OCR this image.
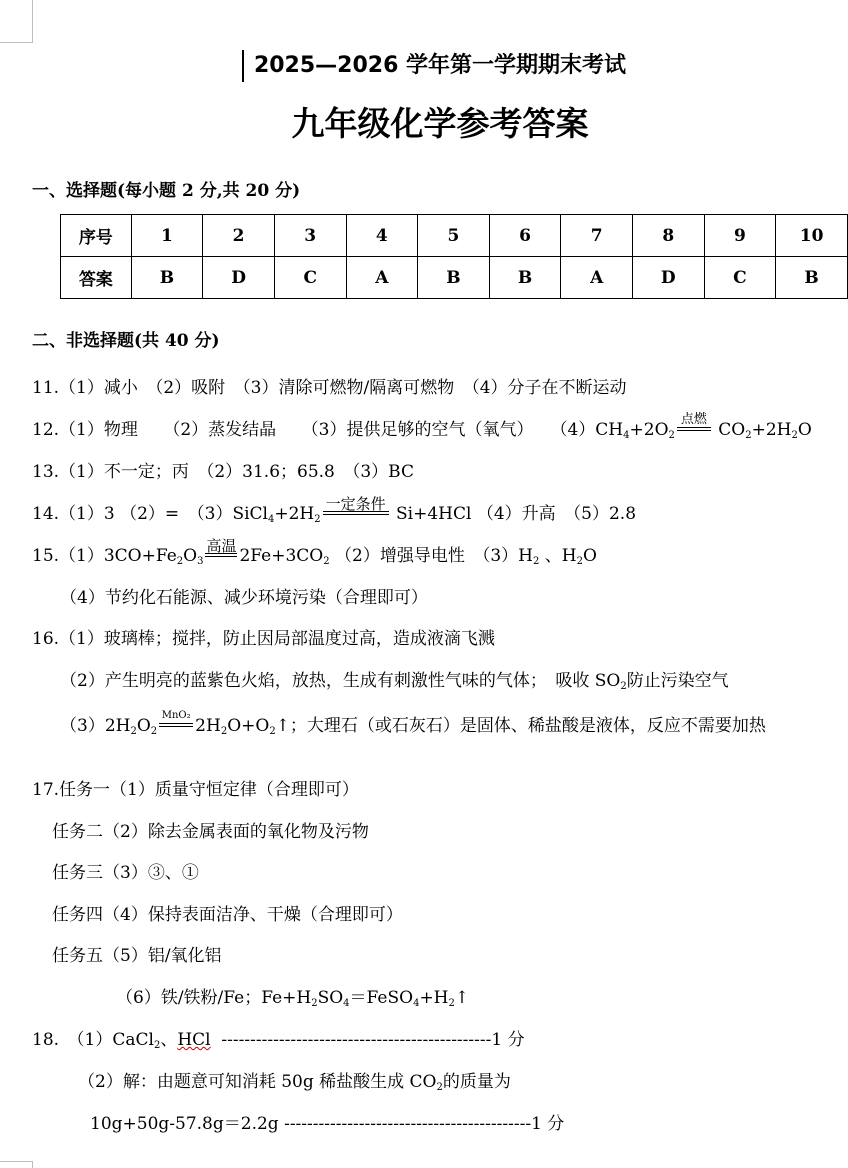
2025—2026 学年第一学期期末考试
九年级化学参考答案
一、选择题(每小题 2 分,共 20 分)
序号	1	2	3	4	5	6	7	8	9	10
答案	B	D	C	A	B	B	A	D	C	B
二、非选择题(共 40 分)
11.（1）减小　（2）吸附　（3）清除可燃物/隔离可燃物　（4）分子在不断运动
12.（1）物理　　（2）蒸发结晶　　（3）提供足够的空气（氧气）　　$(4)CH_4+2O_2$
点燃
$CO_2+2H_2O$
13.（1）不一定；丙　（2）31.6；65.8　（3）BC
14.（1）3 （2）=　$(3)SiCl_4+2H_2$
一定条件 Si+4HCl （4）升高　（5）2.8
$15.(1)3CO+Fe_2O_3$
高温 $2Fe+3CO_2$ （2）增强导电性　$(3)H_2$ 、$H_2O$
（4）节约化石能源、减少环境污染（合理即可）
16.（1）玻璃棒；搅拌，防止因局部温度过高，造成液滴飞溅
（2）产生明亮的蓝紫色火焰，放热，生成有刺激性气味的气体；　吸收 $SO_2$防止污染空气
$(3)2H_2O_2$
MnO₂
$2H_2O+O_2↑$；大理石（或石灰石）是固体、稀盐酸是液体，反应不需要加热
17.任务一（1）质量守恒定律（合理即可）
任务二（2）除去金属表面的氧化物及污物
任务三（3）③、①
任务四（4）保持表面洁净、干燥（合理即可）
任务五（5）铝/氧化铝
（6）铁/铁粉/Fe；$Fe+H_2SO_4=FeSO_4+H_2↑$
18.　（1）CaCl$_2$、HCl -----------------------------------------------1 分
（2）解：由题意可知消耗 50g 稀盐酸生成 $CO_2$的质量为
10g+50g-57.8g＝2.2g -------------------------------------------1 分
